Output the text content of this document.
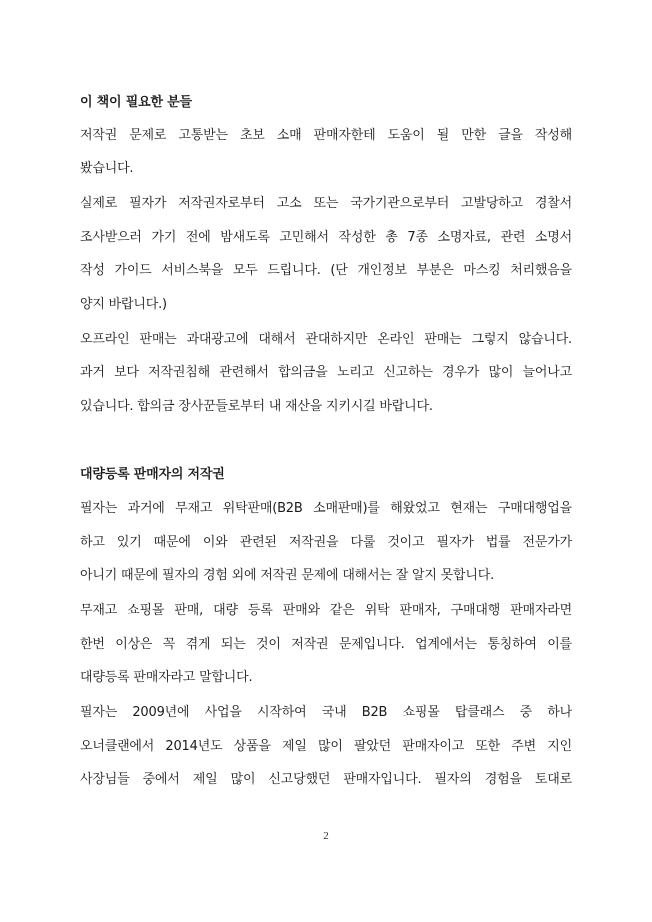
이 책이 필요한 분들
저작권 문제로 고통받는 초보 소매 판매자한테 도움이 될 만한 글을 작성해
봤습니다.
실제로 필자가 저작권자로부터 고소 또는 국가기관으로부터 고발당하고 경찰서
조사받으러 가기 전에 밤새도록 고민해서 작성한 총 7종 소명자료, 관련 소명서
작성 가이드 서비스북을 모두 드립니다. (단 개인정보 부분은 마스킹 처리했음을
양지 바랍니다.)
오프라인 판매는 과대광고에 대해서 관대하지만 온라인 판매는 그렇지 않습니다.
과거 보다 저작권침해 관련해서 합의금을 노리고 신고하는 경우가 많이 늘어나고
있습니다. 합의금 장사꾼들로부터 내 재산을 지키시길 바랍니다.
대량등록 판매자의 저작권
필자는 과거에 무재고 위탁판매(B2B 소매판매)를 해왔었고 현재는 구매대행업을
하고 있기 때문에 이와 관련된 저작권을 다룰 것이고 필자가 법률 전문가가
아니기 때문에 필자의 경험 외에 저작권 문제에 대해서는 잘 알지 못합니다.
무재고 쇼핑몰 판매, 대량 등록 판매와 같은 위탁 판매자, 구매대행 판매자라면
한번 이상은 꼭 겪게 되는 것이 저작권 문제입니다. 업계에서는 통칭하여 이를
대량등록 판매자라고 말합니다.
필자는 2009년에 사업을 시작하여 국내 B2B 쇼핑몰 탑클래스 중 하나
오너클랜에서 2014년도 상품을 제일 많이 팔았던 판매자이고 또한 주변 지인
사장님들 중에서 제일 많이 신고당했던 판매자입니다. 필자의 경험을 토대로
2
